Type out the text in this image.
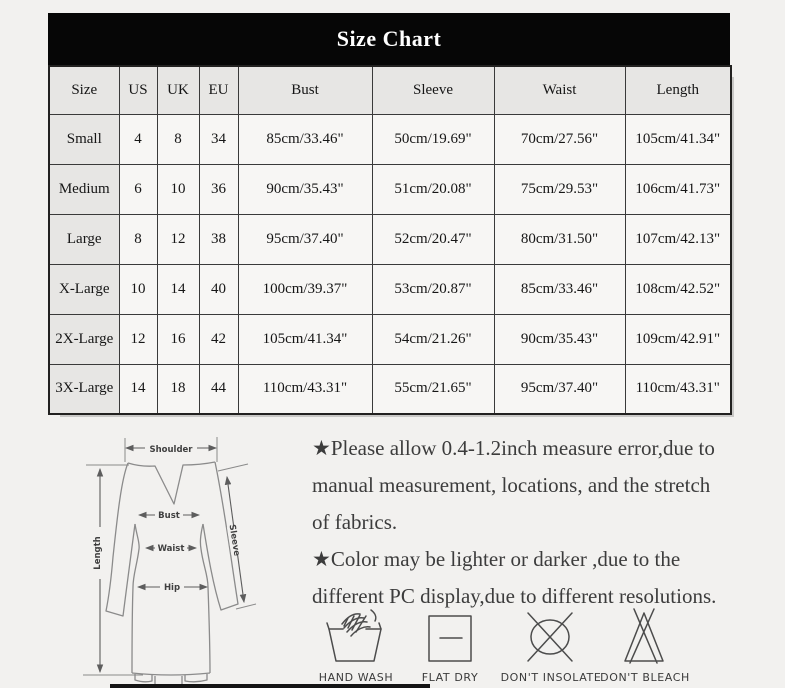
Size Chart
Size	US	UK	EU	Bust	Sleeve	Waist	Length
Small	4	8	34	85cm/33.46"	50cm/19.69"	70cm/27.56"	105cm/41.34"
Medium	6	10	36	90cm/35.43"	51cm/20.08"	75cm/29.53"	106cm/41.73"
Large	8	12	38	95cm/37.40"	52cm/20.47"	80cm/31.50"	107cm/42.13"
X-Large	10	14	40	100cm/39.37"	53cm/20.87"	85cm/33.46"	108cm/42.52"
2X-Large	12	16	42	105cm/41.34"	54cm/21.26"	90cm/35.43"	109cm/42.91"
3X-Large	14	18	44	110cm/43.31"	55cm/21.65"	95cm/37.40"	110cm/43.31"
Shoulder
Length	Sleeve
Bust
Waist
Hip
★Please allow 0.4-1.2inch measure error,due to
manual measurement, locations, and the stretch
of fabrics.
★Color may be lighter or darker ,due to the
different PC display,due to different resolutions.
HAND WASH	FLAT DRY DON'T INSOLATE
DON'T BLEACH
